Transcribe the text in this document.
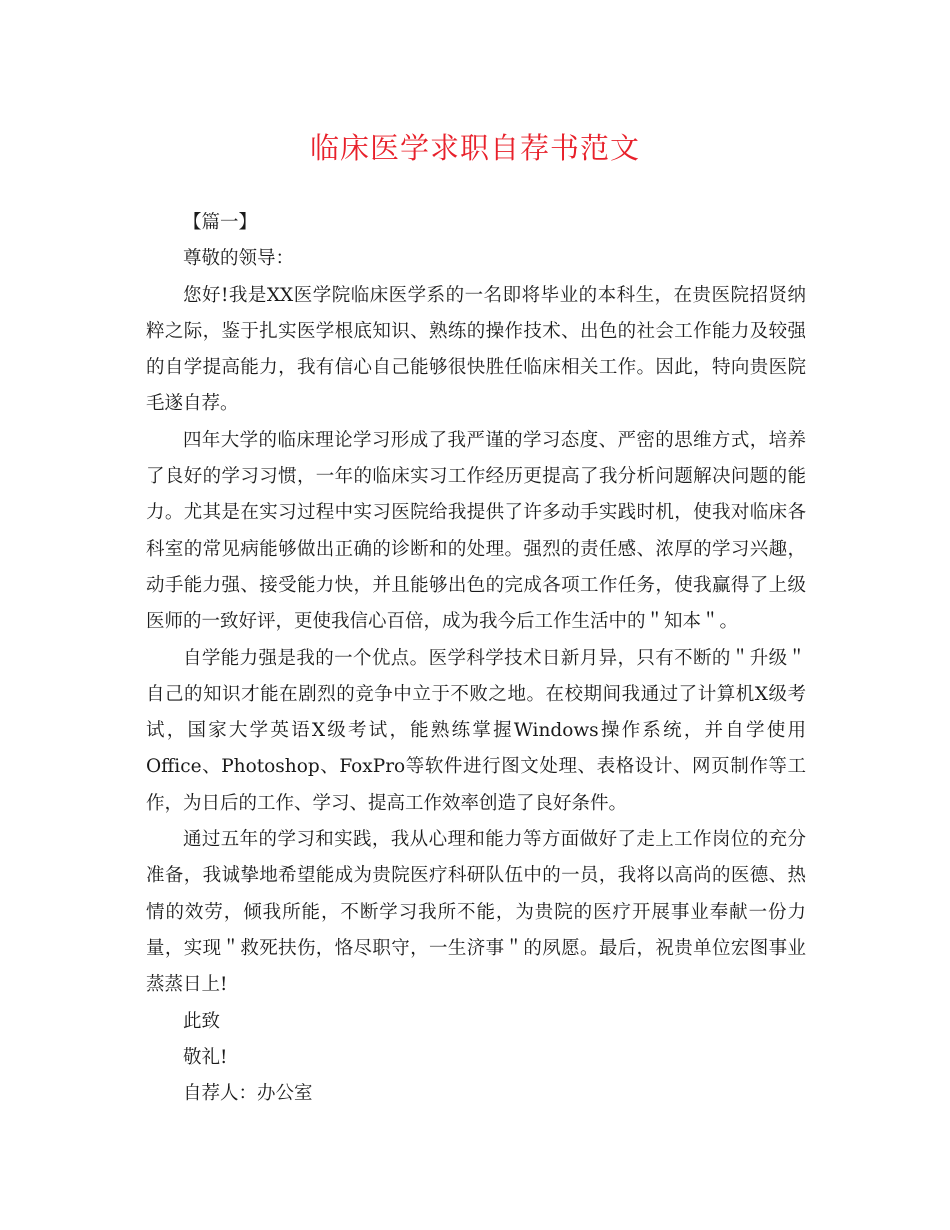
临床医学求职自荐书范文
【篇一】
尊敬的领导：

您好!我是XX医学院临床医学系的一名即将毕业的本科生，在贵医院招贤纳粹之际，鉴于扎实医学根底知识、熟练的操作技术、出色的社会工作能力及较强的自学提高能力，我有信心自己能够很快胜任临床相关工作。因此，特向贵医院毛遂自荐。

四年大学的临床理论学习形成了我严谨的学习态度、严密的思维方式，培养了良好的学习习惯，一年的临床实习工作经历更提高了我分析问题解决问题的能力。尤其是在实习过程中实习医院给我提供了许多动手实践时机，使我对临床各科室的常见病能够做出正确的诊断和的处理。强烈的责任感、浓厚的学习兴趣，动手能力强、接受能力快，并且能够出色的完成各项工作任务，使我赢得了上级医师的一致好评，更使我信心百倍，成为我今后工作生活中的＂知本＂。

自学能力强是我的一个优点。医学科学技术日新月异，只有不断的＂升级＂自己的知识才能在剧烈的竞争中立于不败之地。在校期间我通过了计算机X级考试，国家大学英语X级考试，能熟练掌握Windows操作系统，并自学使用Office、Photoshop、FoxPro等软件进行图文处理、表格设计、网页制作等工作，为日后的工作、学习、提高工作效率创造了良好条件。

通过五年的学习和实践，我从心理和能力等方面做好了走上工作岗位的充分准备，我诚挚地希望能成为贵院医疗科研队伍中的一员，我将以高尚的医德、热情的效劳，倾我所能，不断学习我所不能，为贵院的医疗开展事业奉献一份力量，实现＂救死扶伤，恪尽职守，一生济事＂的夙愿。最后，祝贵单位宏图事业蒸蒸日上!

此致
敬礼!
自荐人：办公室
